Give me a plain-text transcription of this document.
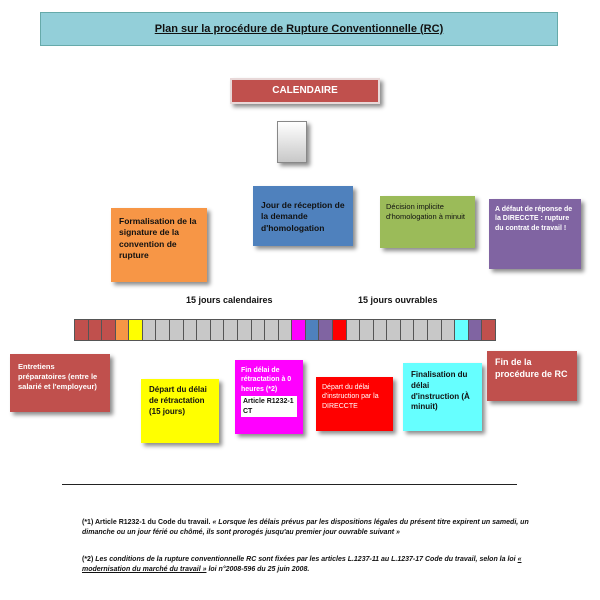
Plan sur la procédure de Rupture Conventionnelle (RC)
CALENDAIRE
Jour de réception de la demande d'homologation
Décision implicite d'homologation à minuit
A défaut de réponse de la DIRECCTE : rupture du contrat de travail !
Formalisation de la signature de la convention de rupture
15 jours calendaires	15 jours ouvrables
Entretiens préparatoires (entre le salarié et l'employeur)	Départ du délai de rétractation (15 jours)
Fin délai de rétractation à 0 heures (*2)
Article R1232-1 CT
Départ du délai d'instruction par la DIRECCTE
Finalisation du délai d'instruction (À minuit)
Fin de la procédure de RC
(*1) Article R1232-1 du Code du travail. « Lorsque les délais prévus par les dispositions légales du présent titre expirent un samedi, un dimanche ou un jour férié ou chômé, ils sont prorogés jusqu'au premier jour ouvrable suivant »
(*2) Les conditions de la rupture conventionnelle RC sont fixées par les articles L.1237-11 au L.1237-17 Code du travail, selon la loi « modernisation du marché du travail » loi n°2008-596 du 25 juin 2008.
